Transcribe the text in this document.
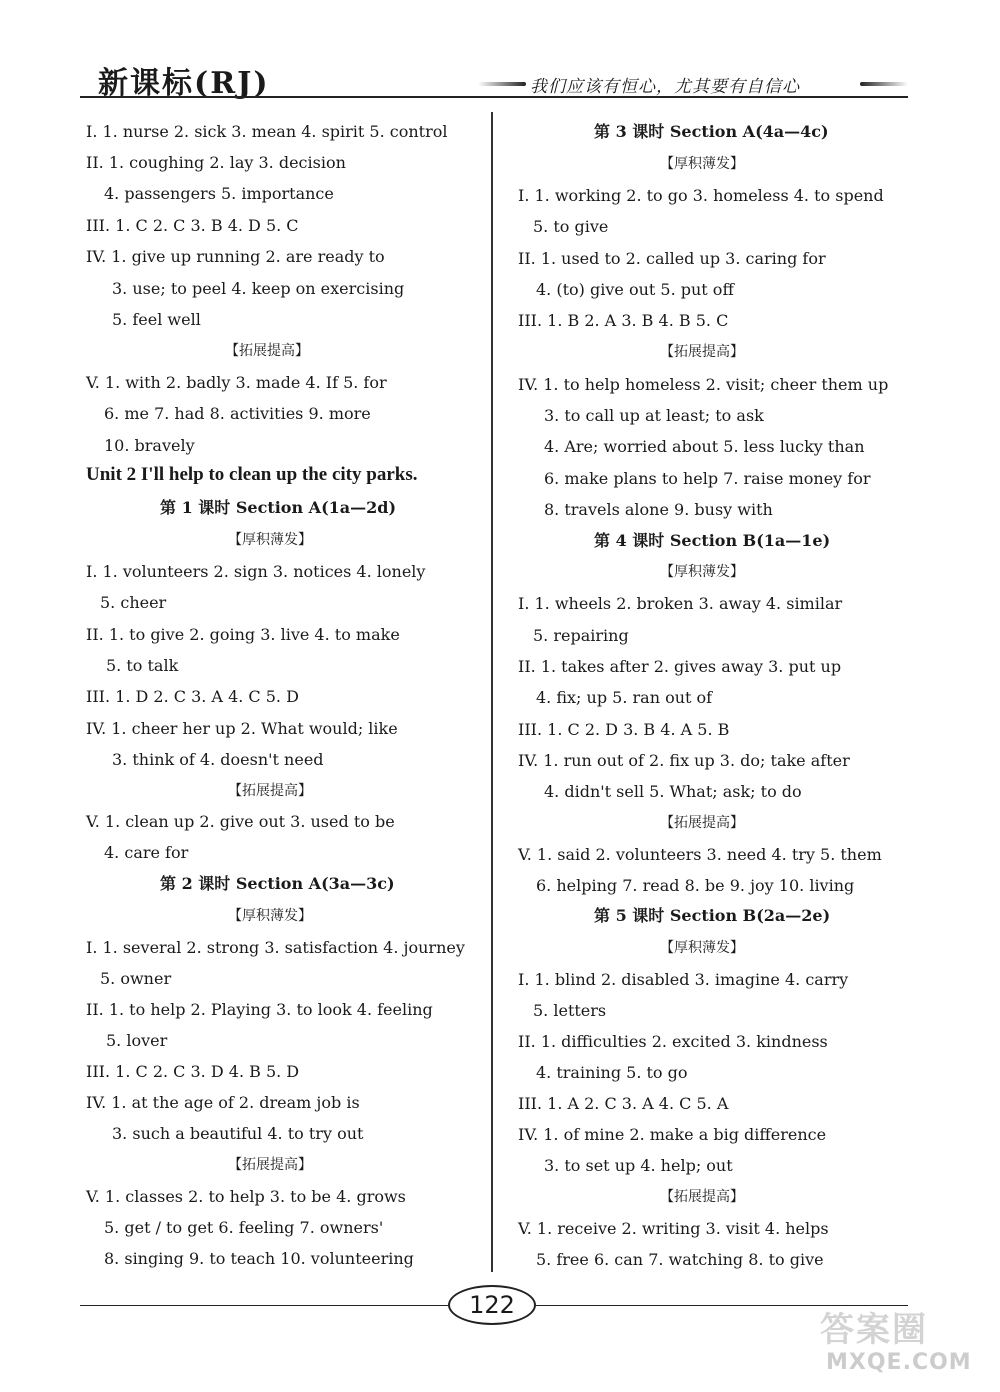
新课标(RJ)	我们应该有恒心，尤其要有自信心
I. 1. nurse 2. sick 3. mean 4. spirit 5. control
II. 1. coughing 2. lay 3. decision
4. passengers 5. importance
III. 1. C 2. C 3. B 4. D 5. C
IV. 1. give up running 2. are ready to
3. use; to peel 4. keep on exercising
5. feel well
【拓展提高】
V. 1. with 2. badly 3. made 4. If 5. for
6. me 7. had 8. activities 9. more
10. bravely
Unit 2 I'll help to clean up the city parks.
第 1 课时 Section A(1a—2d)
【厚积薄发】
I. 1. volunteers 2. sign 3. notices 4. lonely
5. cheer
II. 1. to give 2. going 3. live 4. to make
5. to talk
III. 1. D 2. C 3. A 4. C 5. D
IV. 1. cheer her up 2. What would; like
3. think of 4. doesn't need
【拓展提高】
V. 1. clean up 2. give out 3. used to be
4. care for
第 2 课时 Section A(3a—3c)
【厚积薄发】
I. 1. several 2. strong 3. satisfaction 4. journey
5. owner
II. 1. to help 2. Playing 3. to look 4. feeling
5. lover
III. 1. C 2. C 3. D 4. B 5. D
IV. 1. at the age of 2. dream job is
3. such a beautiful 4. to try out
【拓展提高】
V. 1. classes 2. to help 3. to be 4. grows
5. get / to get 6. feeling 7. owners'
8. singing 9. to teach 10. volunteering
第 3 课时 Section A(4a—4c)
【厚积薄发】
I. 1. working 2. to go 3. homeless 4. to spend
5. to give
II. 1. used to 2. called up 3. caring for
4. (to) give out 5. put off
III. 1. B 2. A 3. B 4. B 5. C
【拓展提高】
IV. 1. to help homeless 2. visit; cheer them up
3. to call up at least; to ask
4. Are; worried about 5. less lucky than
6. make plans to help 7. raise money for
8. travels alone 9. busy with
第 4 课时 Section B(1a—1e)
【厚积薄发】
I. 1. wheels 2. broken 3. away 4. similar
5. repairing
II. 1. takes after 2. gives away 3. put up
4. fix; up 5. ran out of
III. 1. C 2. D 3. B 4. A 5. B
IV. 1. run out of 2. fix up 3. do; take after
4. didn't sell 5. What; ask; to do
【拓展提高】
V. 1. said 2. volunteers 3. need 4. try 5. them
6. helping 7. read 8. be 9. joy 10. living
第 5 课时 Section B(2a—2e)
【厚积薄发】
I. 1. blind 2. disabled 3. imagine 4. carry
5. letters
II. 1. difficulties 2. excited 3. kindness
4. training 5. to go
III. 1. A 2. C 3. A 4. C 5. A
IV. 1. of mine 2. make a big difference
3. to set up 4. help; out
【拓展提高】
V. 1. receive 2. writing 3. visit 4. helps
5. free 6. can 7. watching 8. to give
122
答案圈
MXQE.COM
